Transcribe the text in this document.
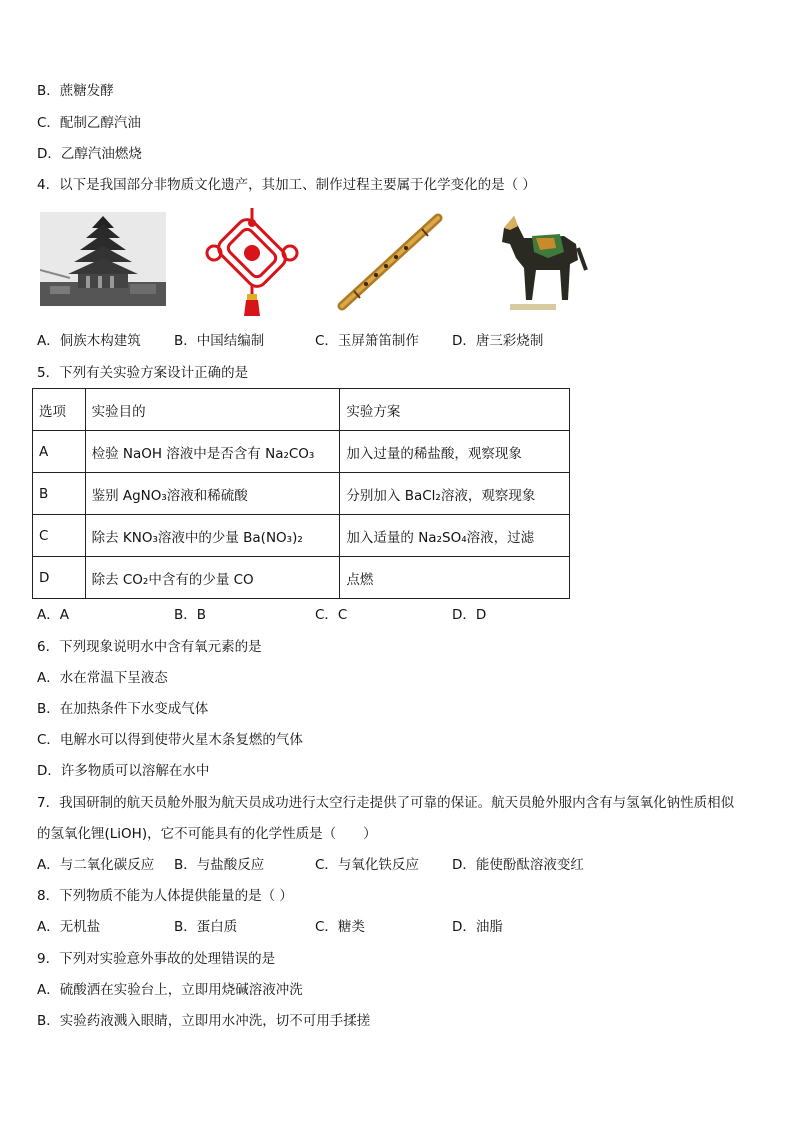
B．蔗糖发酵
C．配制乙醇汽油
D．乙醇汽油燃烧
4．以下是我国部分非物质文化遗产，其加工、制作过程主要属于化学变化的是（ ）
A．侗族木构建筑 B．中国结编制	C．玉屏箫笛制作 D．唐三彩烧制
5．下列有关实验方案设计正确的是
选项	实验目的	实验方案
A	检验 NaOH 溶液中是否含有 Na₂CO₃	加入过量的稀盐酸，观察现象
B	鉴别 AgNO₃溶液和稀硫酸	分别加入 BaCl₂溶液，观察现象
C	除去 KNO₃溶液中的少量 Ba(NO₃)₂	加入适量的 Na₂SO₄溶液，过滤
D	除去 CO₂中含有的少量 CO	点燃
A．A	B．B	C．C	D．D
6．下列现象说明水中含有氧元素的是
A．水在常温下呈液态
B．在加热条件下水变成气体
C．电解水可以得到使带火星木条复燃的气体
D．许多物质可以溶解在水中
7．我国研制的航天员舱外服为航天员成功进行太空行走提供了可靠的保证。航天员舱外服内含有与氢氧化钠性质相似
的氢氧化锂(LiOH)，它不可能具有的化学性质是（　　）
A．与二氧化碳反应 B．与盐酸反应	C．与氧化铁反应 D．能使酚酞溶液变红
8．下列物质不能为人体提供能量的是（ ）
A．无机盐	B．蛋白质	C．糖类	D．油脂
9．下列对实验意外事故的处理错误的是
A．硫酸洒在实验台上，立即用烧碱溶液冲洗
B．实验药液溅入眼睛，立即用水冲洗，切不可用手揉搓
